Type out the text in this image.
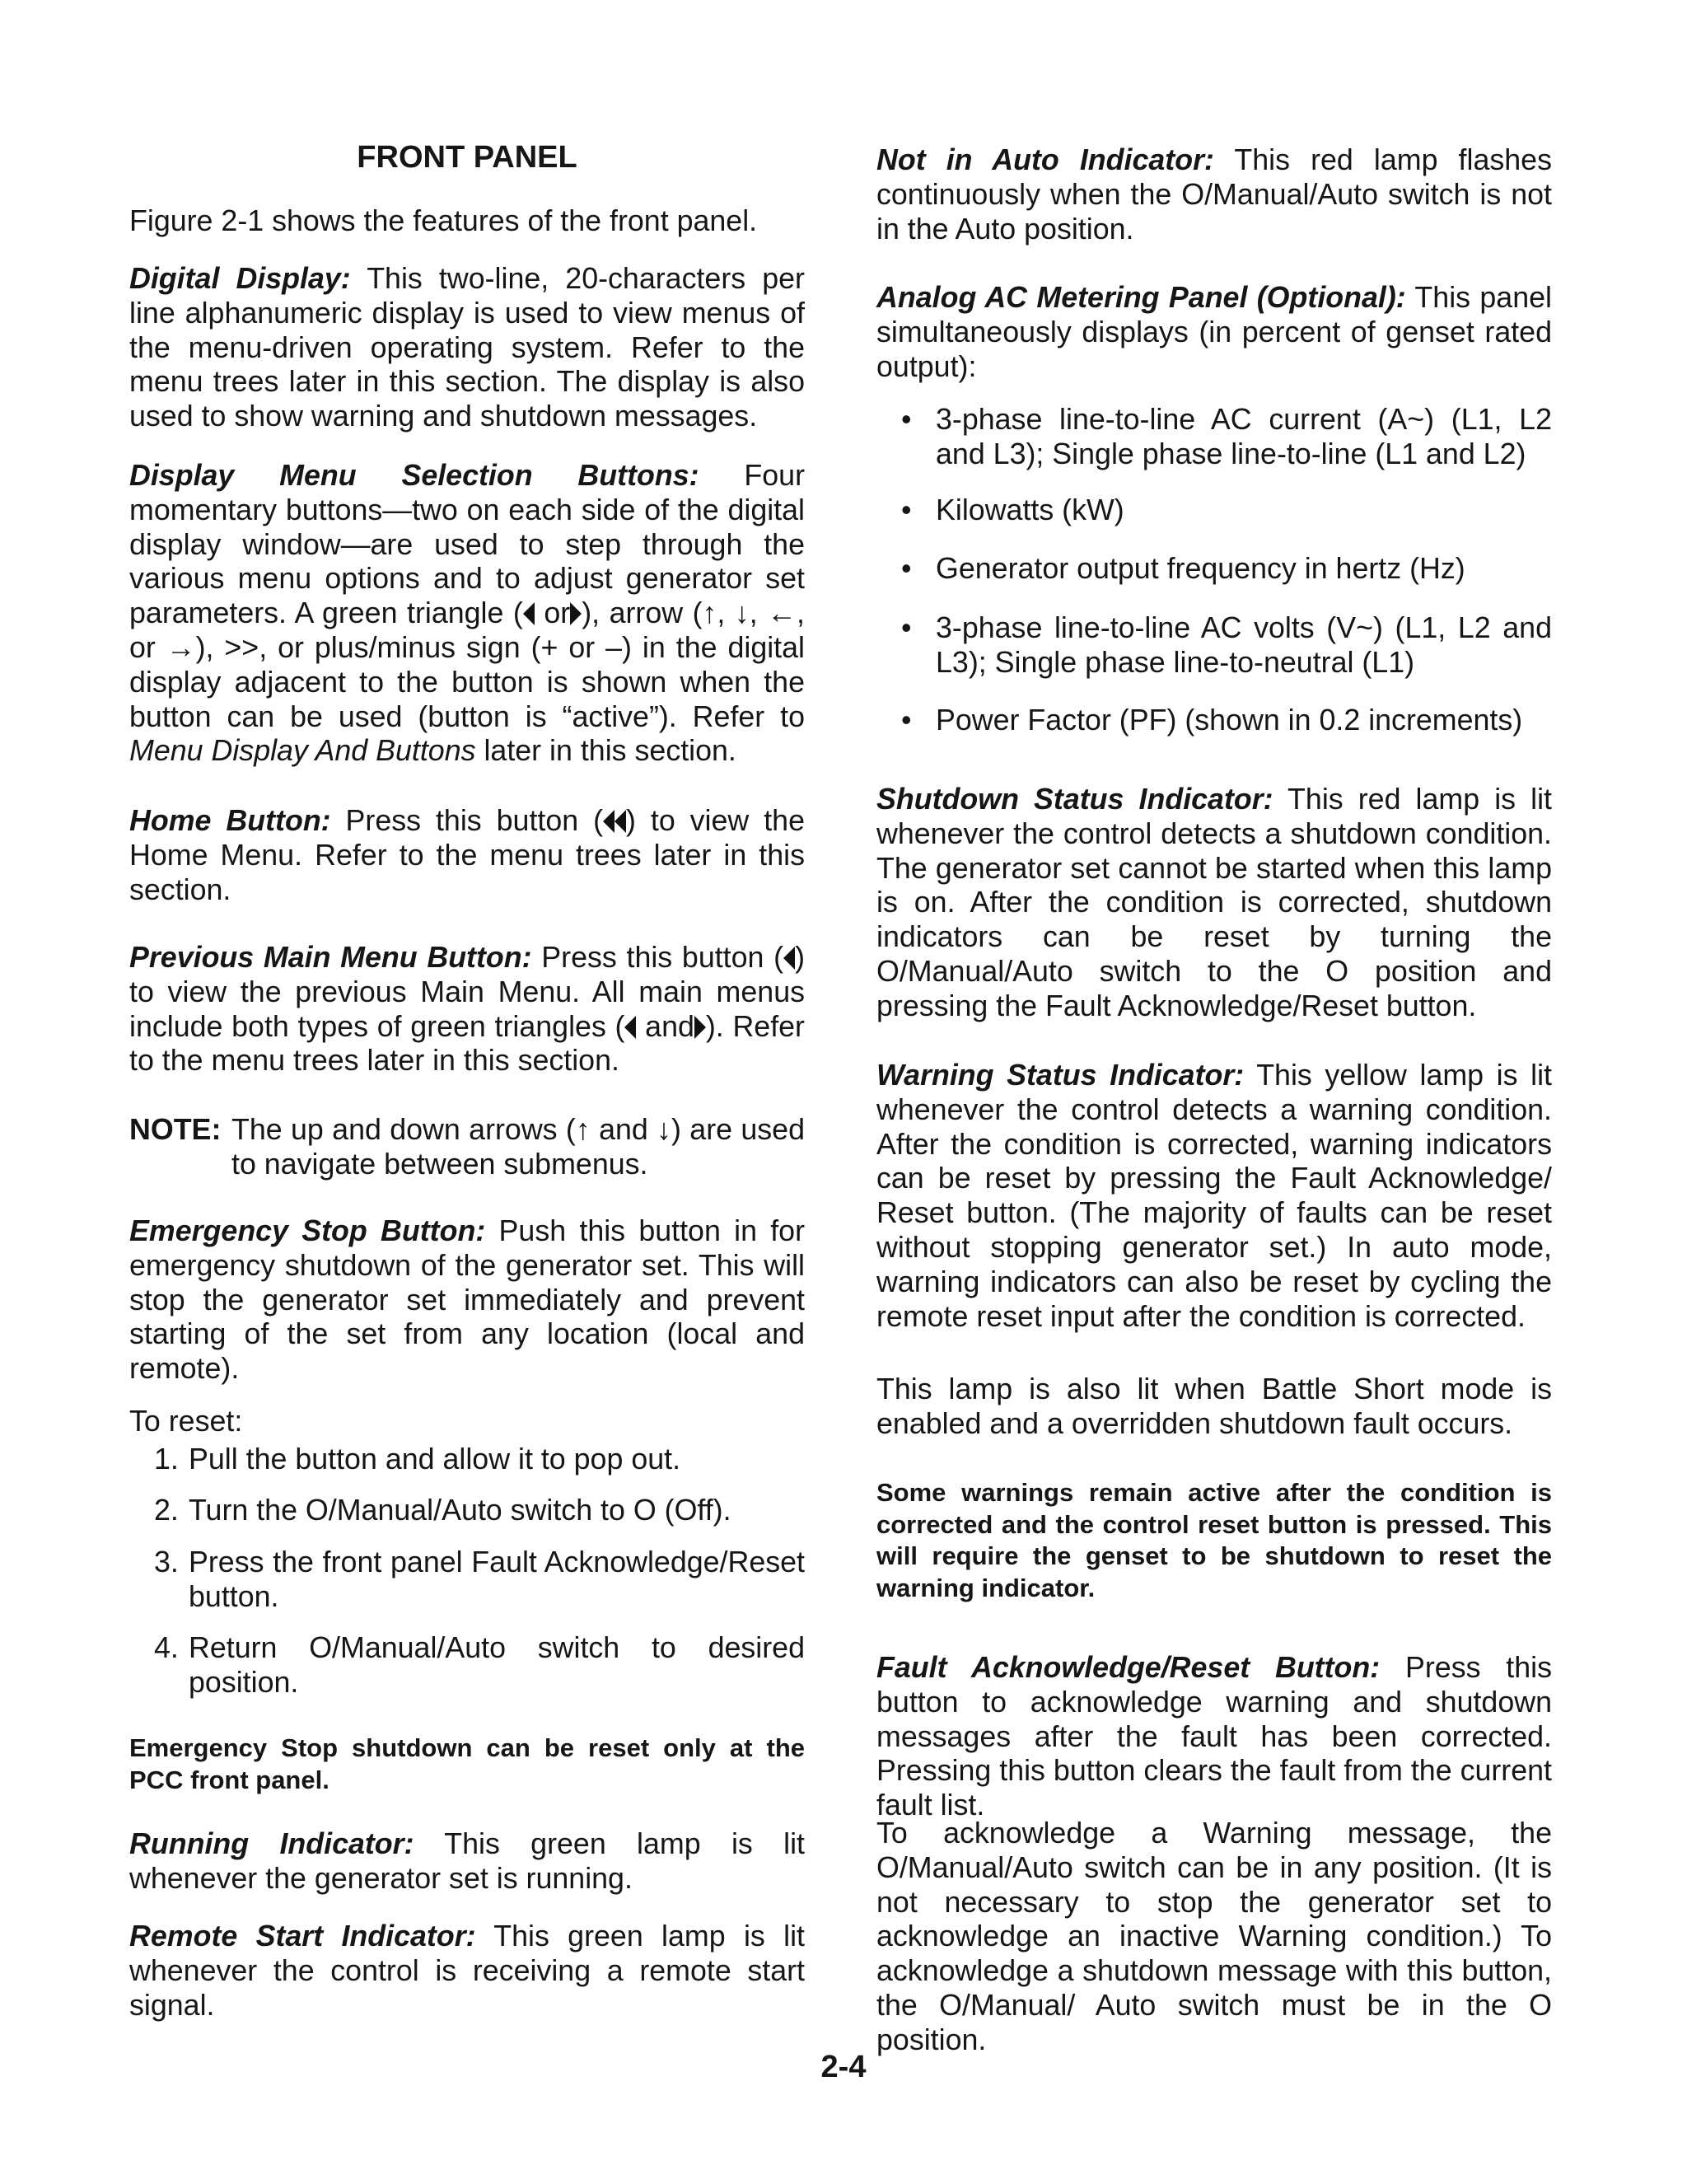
FRONT PANEL

Figure 2-1 shows the features of the front panel.

Digital Display: This two-line, 20-characters per line alphanumeric display is used to view menus of the menu-driven operating system. Refer to the menu trees later in this section. The display is also used to show warning and shutdown messages.

Display Menu Selection Buttons: Four momentary buttons—two on each side of the digital display window—are used to step through the various menu options and to adjust generator set parameters. A green triangle ( or ), arrow (↑, ↓, ←, or →), >>, or plus/minus sign (+ or –) in the digital display adjacent to the button is shown when the button can be used (button is “active”). Refer to Menu Display And Buttons later in this section.

Home Button: Press this button ( ) to view the Home Menu. Refer to the menu trees later in this section.

Previous Main Menu Button: Press this button ( ) to view the previous Main Menu. All main menus include both types of green triangles ( and ). Refer to the menu trees later in this section.

NOTE: The up and down arrows (↑ and ↓) are used to navigate between submenus.

Emergency Stop Button: Push this button in for emergency shutdown of the generator set. This will stop the generator set immediately and prevent starting of the set from any location (local and remote).

To reset:

1. Pull the button and allow it to pop out.
2. Turn the O/Manual/Auto switch to O (Off).
3. Press the front panel Fault Acknowledge/Reset button.
4. Return O/Manual/Auto switch to desired position.

Emergency Stop shutdown can be reset only at the PCC front panel.

Running Indicator: This green lamp is lit whenever the generator set is running.

Remote Start Indicator: This green lamp is lit whenever the control is receiving a remote start signal.

Not in Auto Indicator: This red lamp flashes continuously when the O/Manual/Auto switch is not in the Auto position.

Analog AC Metering Panel (Optional): This panel simultaneously displays (in percent of genset rated output):

• 3-phase line-to-line AC current (A~) (L1, L2 and L3); Single phase line-to-line (L1 and L2)
• Kilowatts (kW)
• Generator output frequency in hertz (Hz)
• 3-phase line-to-line AC volts (V~) (L1, L2 and L3); Single phase line-to-neutral (L1)
• Power Factor (PF) (shown in 0.2 increments)

Shutdown Status Indicator: This red lamp is lit whenever the control detects a shutdown condition. The generator set cannot be started when this lamp is on. After the condition is corrected, shutdown indicators can be reset by turning the O/Manual/Auto switch to the O position and pressing the Fault Acknowledge/Reset button.

Warning Status Indicator: This yellow lamp is lit whenever the control detects a warning condition. After the condition is corrected, warning indicators can be reset by pressing the Fault Acknowledge/ Reset button. (The majority of faults can be reset without stopping generator set.) In auto mode, warning indicators can also be reset by cycling the remote reset input after the condition is corrected.

This lamp is also lit when Battle Short mode is enabled and a overridden shutdown fault occurs.

Some warnings remain active after the condition is corrected and the control reset button is pressed. This will require the genset to be shutdown to reset the warning indicator.

Fault Acknowledge/Reset Button: Press this button to acknowledge warning and shutdown messages after the fault has been corrected. Pressing this button clears the fault from the current fault list.

To acknowledge a Warning message, the O/Manual/Auto switch can be in any position. (It is not necessary to stop the generator set to acknowledge an inactive Warning condition.) To acknowledge a shutdown message with this button, the O/Manual/ Auto switch must be in the O position.

2-4
